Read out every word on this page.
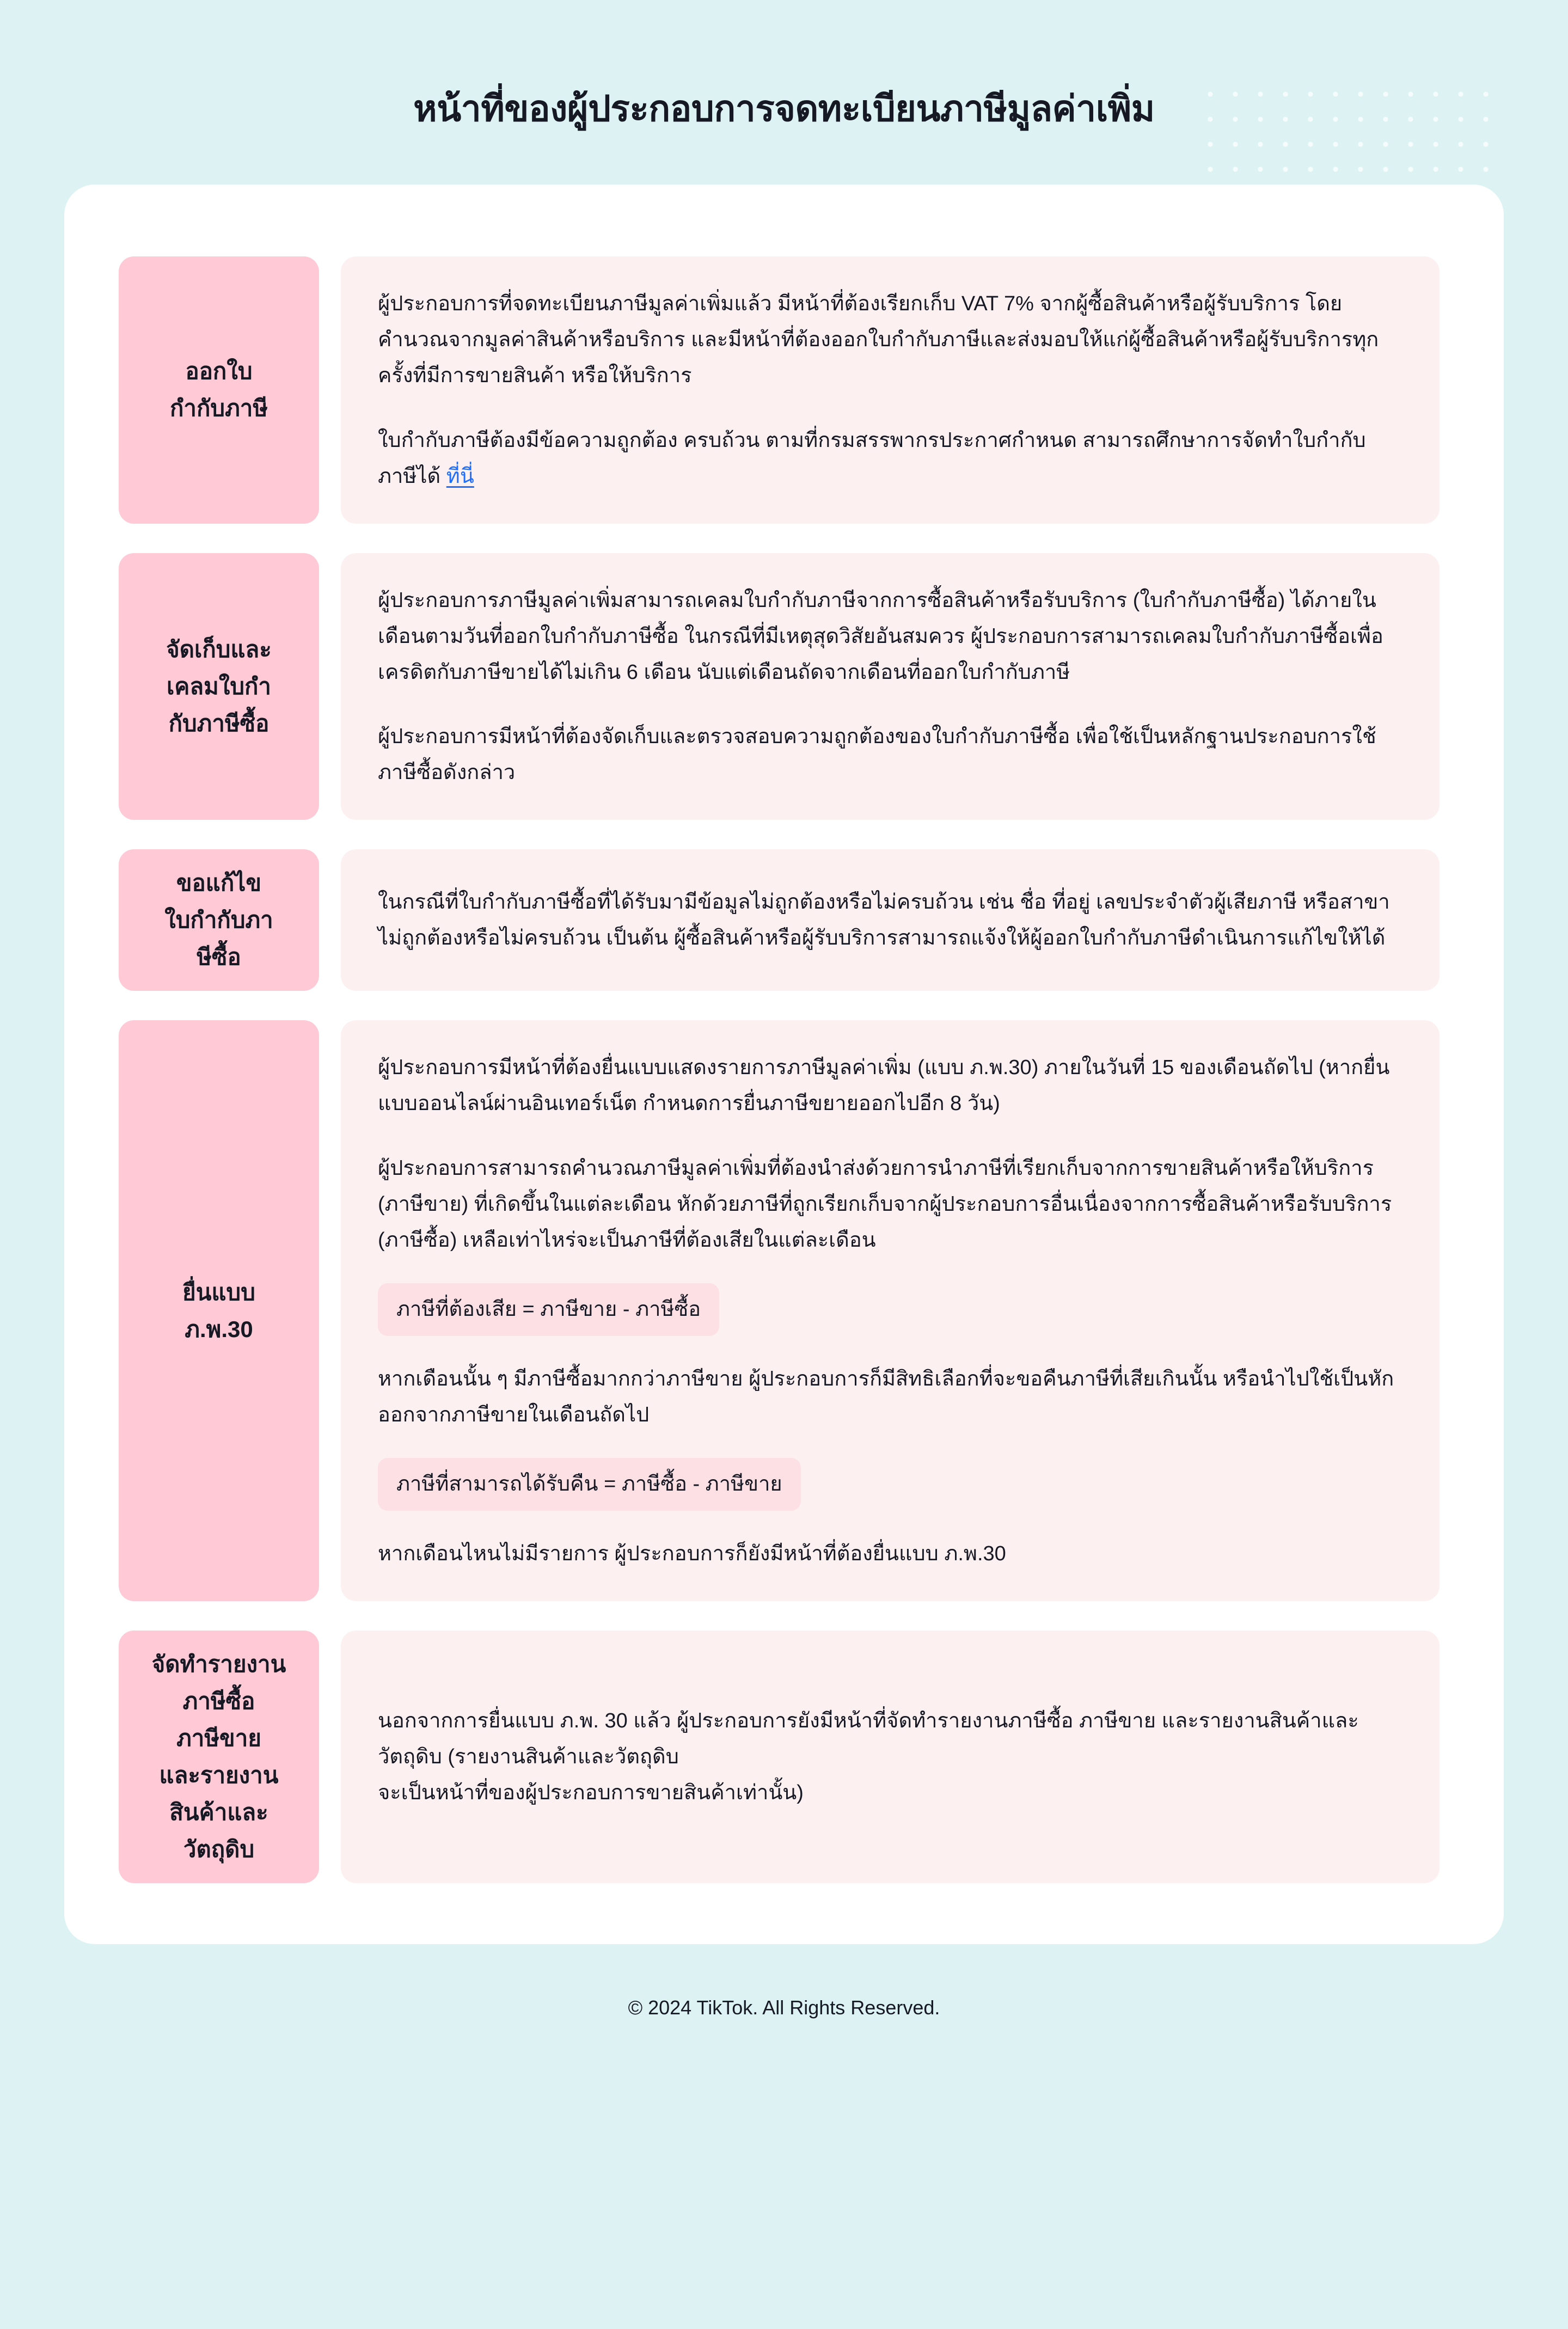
หน้าที่ของผู้ประกอบการจดทะเบียนภาษีมูลค่าเพิ่ม
ออกใบ
กำกับภาษี

ผู้ประกอบการที่จดทะเบียนภาษีมูลค่าเพิ่มแล้ว มีหน้าที่ต้องเรียกเก็บ VAT 7% จากผู้ซื้อสินค้าหรือผู้รับบริการ โดยคำนวณจากมูลค่าสินค้าหรือบริการ และมีหน้าที่ต้องออกใบกำกับภาษีและส่งมอบให้แก่ผู้ซื้อสินค้าหรือผู้รับบริการทุกครั้งที่มีการขายสินค้า หรือให้บริการ

ใบกำกับภาษีต้องมีข้อความถูกต้อง ครบถ้วน ตามที่กรมสรรพากรประกาศกำหนด สามารถศึกษาการจัดทำใบกำกับภาษีได้ ที่นี่

จัดเก็บและ
เคลมใบกำ
กับภาษีซื้อ

ผู้ประกอบการภาษีมูลค่าเพิ่มสามารถเคลมใบกำกับภาษีจากการซื้อสินค้าหรือรับบริการ (ใบกำกับภาษีซื้อ) ได้ภายในเดือนตามวันที่ออกใบกำกับภาษีซื้อ ในกรณีที่มีเหตุสุดวิสัยอันสมควร ผู้ประกอบการสามารถเคลมใบกำกับภาษีซื้อเพื่อเครดิตกับภาษีขายได้ไม่เกิน 6 เดือน นับแต่เดือนถัดจากเดือนที่ออกใบกำกับภาษี

ผู้ประกอบการมีหน้าที่ต้องจัดเก็บและตรวจสอบความถูกต้องของใบกำกับภาษีซื้อ เพื่อใช้เป็นหลักฐานประกอบการใช้ภาษีซื้อดังกล่าว

ขอแก้ไข
ใบกำกับภา
ษีซื้อ

ในกรณีที่ใบกำกับภาษีซื้อที่ได้รับมามีข้อมูลไม่ถูกต้องหรือไม่ครบถ้วน เช่น ชื่อ ที่อยู่ เลขประจำตัวผู้เสียภาษี หรือสาขา ไม่ถูกต้องหรือไม่ครบถ้วน เป็นต้น ผู้ซื้อสินค้าหรือผู้รับบริการสามารถแจ้งให้ผู้ออกใบกำกับภาษีดำเนินการแก้ไขให้ได้

ยื่นแบบ
ภ.พ.30

ผู้ประกอบการมีหน้าที่ต้องยื่นแบบแสดงรายการภาษีมูลค่าเพิ่ม (แบบ ภ.พ.30) ภายในวันที่ 15 ของเดือนถัดไป (หากยื่นแบบออนไลน์ผ่านอินเทอร์เน็ต กำหนดการยื่นภาษีขยายออกไปอีก 8 วัน)

ผู้ประกอบการสามารถคำนวณภาษีมูลค่าเพิ่มที่ต้องนำส่งด้วยการนำภาษีที่เรียกเก็บจากการขายสินค้าหรือให้บริการ (ภาษีขาย) ที่เกิดขึ้นในแต่ละเดือน หักด้วยภาษีที่ถูกเรียกเก็บจากผู้ประกอบการอื่นเนื่องจากการซื้อสินค้าหรือรับบริการ (ภาษีซื้อ) เหลือเท่าไหร่จะเป็นภาษีที่ต้องเสียในแต่ละเดือน

ภาษีที่ต้องเสีย = ภาษีขาย - ภาษีซื้อ

หากเดือนนั้น ๆ มีภาษีซื้อมากกว่าภาษีขาย ผู้ประกอบการก็มีสิทธิเลือกที่จะขอคืนภาษีที่เสียเกินนั้น หรือนำไปใช้เป็นหักออกจากภาษีขายในเดือนถัดไป

ภาษีที่สามารถได้รับคืน = ภาษีซื้อ - ภาษีขาย

หากเดือนไหนไม่มีรายการ ผู้ประกอบการก็ยังมีหน้าที่ต้องยื่นแบบ ภ.พ.30

จัดทำรายงาน
ภาษีซื้อ
ภาษีขาย
และรายงาน
สินค้าและ
วัตถุดิบ

นอกจากการยื่นแบบ ภ.พ. 30 แล้ว ผู้ประกอบการยังมีหน้าที่จัดทำรายงานภาษีซื้อ ภาษีขาย และรายงานสินค้าและวัตถุดิบ (รายงานสินค้าและวัตถุดิบ
จะเป็นหน้าที่ของผู้ประกอบการขายสินค้าเท่านั้น)

© 2024 TikTok. All Rights Reserved.
